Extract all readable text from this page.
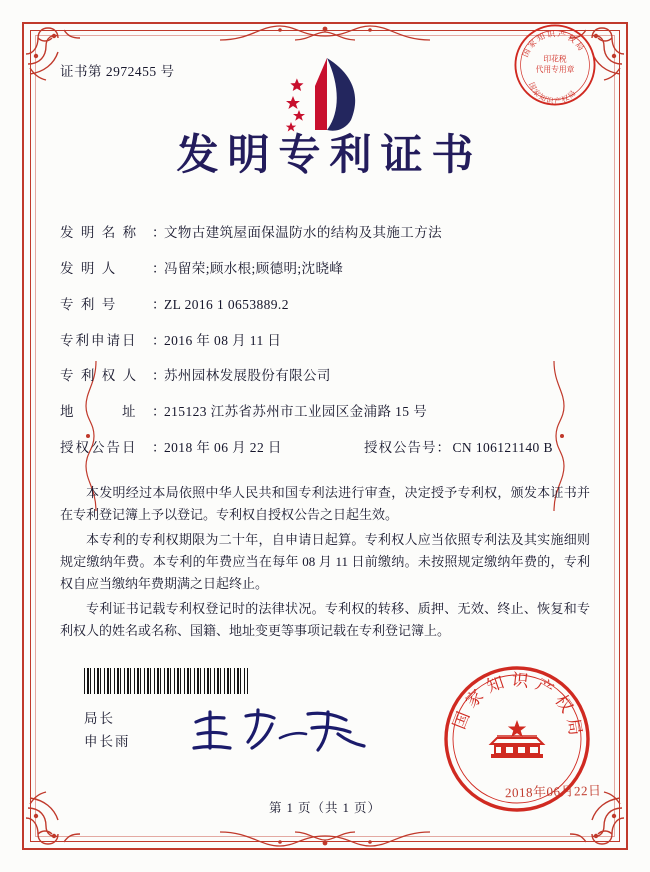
国家知识产权局
国家知识产权局
印花税
代用专用章
证书第 2972455 号
发明专利证书
发 明 名 称	：
文物古建筑屋面保温防水的结构及其施工方法
发 明 人	：
冯留荣;顾水根;顾德明;沈晓峰
专 利 号	：
ZL 2016 1 0653889.2
专利申请日	：
2016 年 08 月 11 日
专 利 权 人	：
苏州园林发展股份有限公司
地　　　址	：
215123 江苏省苏州市工业园区金浦路 15 号
授权公告日	：
2018 年 06 月 22 日	授权公告号 ： CN 106121140 B

本发明经过本局依照中华人民共和国专利法进行审查，决定授予专利权，颁发本证书并在专利登记簿上予以登记。专利权自授权公告之日起生效。

本专利的专利权期限为二十年，自申请日起算。专利权人应当依照专利法及其实施细则规定缴纳年费。本专利的年费应当在每年 08 月 11 日前缴纳。未按照规定缴纳年费的，专利权自应当缴纳年费期满之日起终止。

专利证书记载专利权登记时的法律状况。专利权的转移、质押、无效、终止、恢复和专利权人的姓名或名称、国籍、地址变更等事项记载在专利登记簿上。

局长
申长雨
第 1 页（共 1 页）
国家知识产权局
2018年06月22日
